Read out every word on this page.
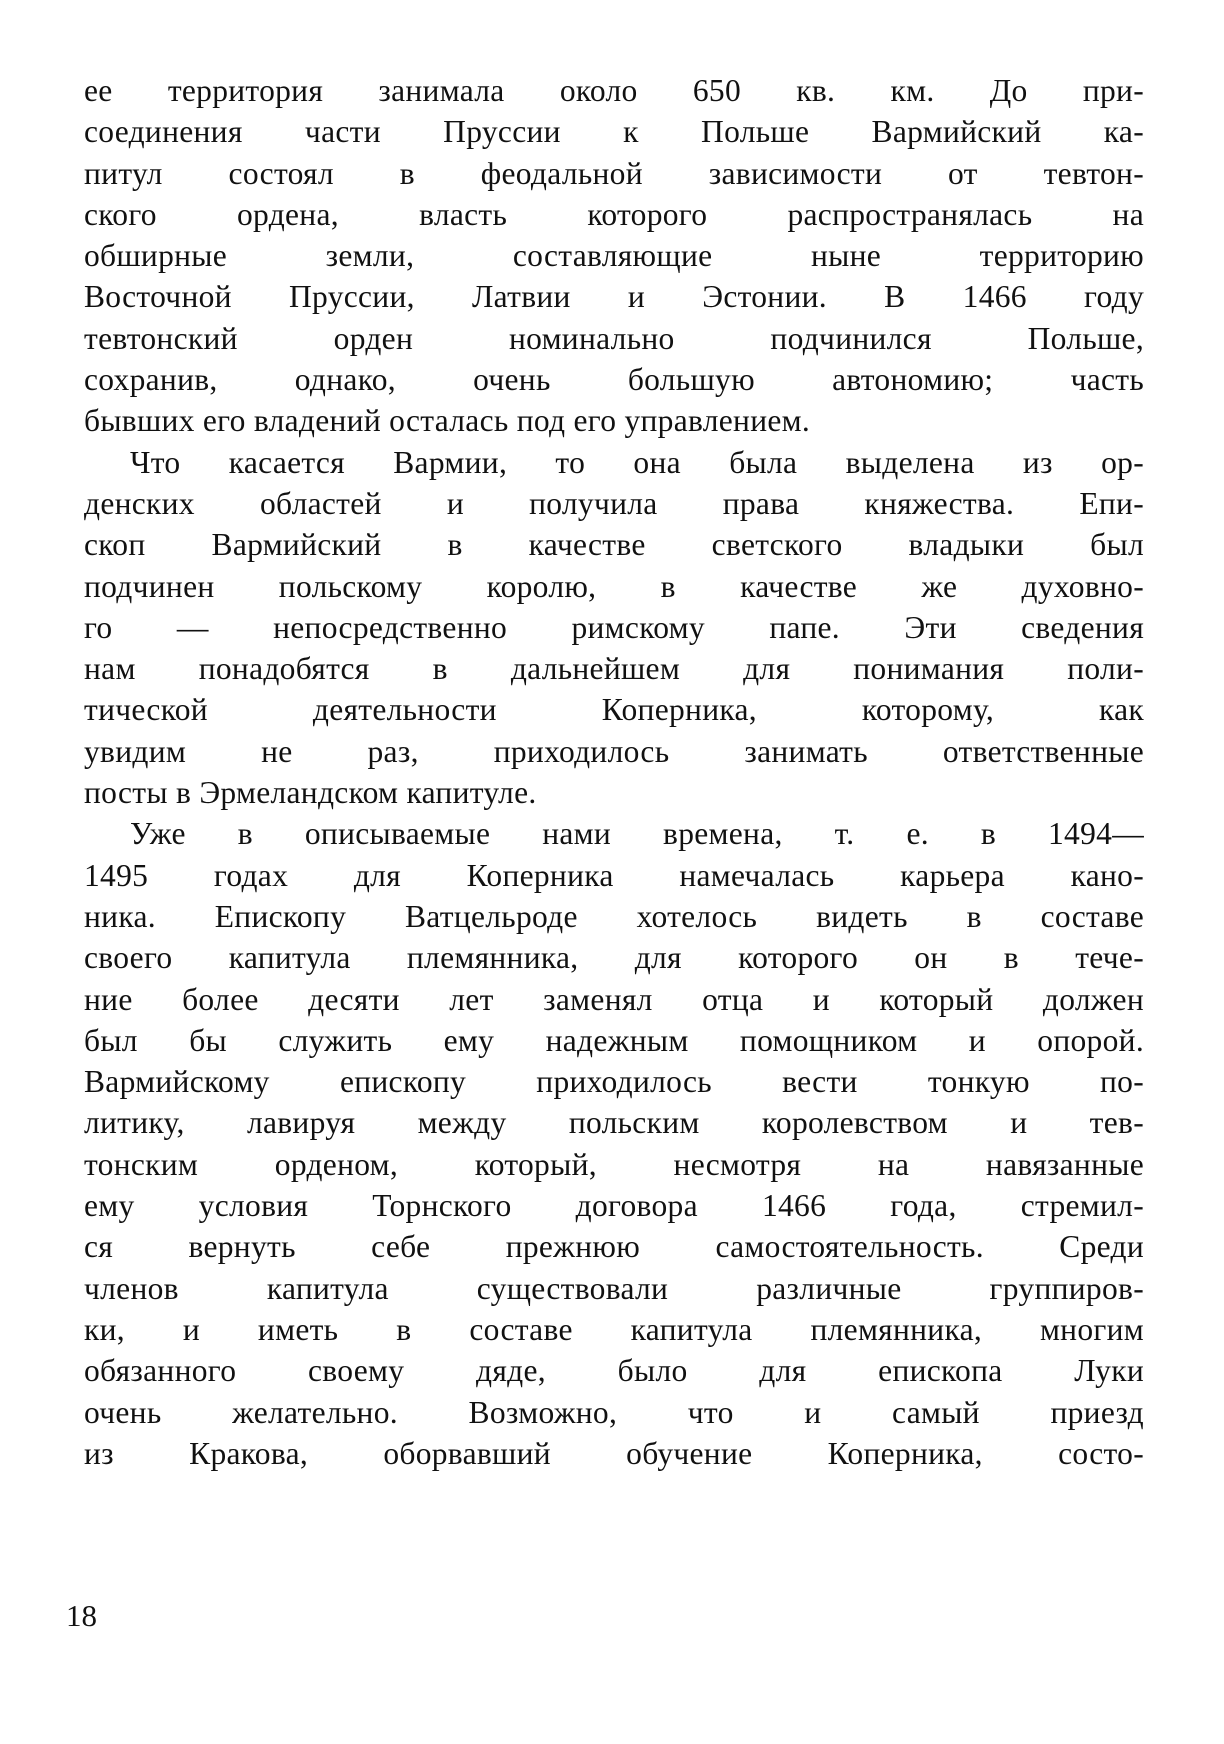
ее территория занимала около 650 кв. км. До при-
соединения части Пруссии к Польше Вармийский ка-
питул состоял в феодальной зависимости от тевтон-
ского ордена, власть которого распространялась на
обширные земли, составляющие ныне территорию
Восточной Пруссии, Латвии и Эстонии. В 1466 году
тевтонский орден номинально подчинился Польше,
сохранив, однако, очень большую автономию; часть
бывших его владений осталась под его управлением.
Что касается Вармии, то она была выделена из ор-
денских областей и получила права княжества. Епи-
скоп Вармийский в качестве светского владыки был
подчинен польскому королю, в качестве же духовно-
го — непосредственно римскому папе. Эти сведения
нам понадобятся в дальнейшем для понимания поли-
тической деятельности Коперника, которому, как
увидим не раз, приходилось занимать ответственные
посты в Эрмеландском капитуле.
Уже в описываемые нами времена, т. е. в 1494—
1495 годах для Коперника намечалась карьера кано-
ника. Епископу Ватцельроде хотелось видеть в составе
своего капитула племянника, для которого он в тече-
ние более десяти лет заменял отца и который должен
был бы служить ему надежным помощником и опорой.
Вармийскому епископу приходилось вести тонкую по-
литику, лавируя между польским королевством и тев-
тонским орденом, который, несмотря на навязанные
ему условия Торнского договора 1466 года, стремил-
ся вернуть себе прежнюю самостоятельность. Среди
членов капитула существовали различные группиров-
ки, и иметь в составе капитула племянника, многим
обязанного своему дяде, было для епископа Луки
очень желательно. Возможно, что и самый приезд
из Кракова, оборвавший обучение Коперника, состо-
18
